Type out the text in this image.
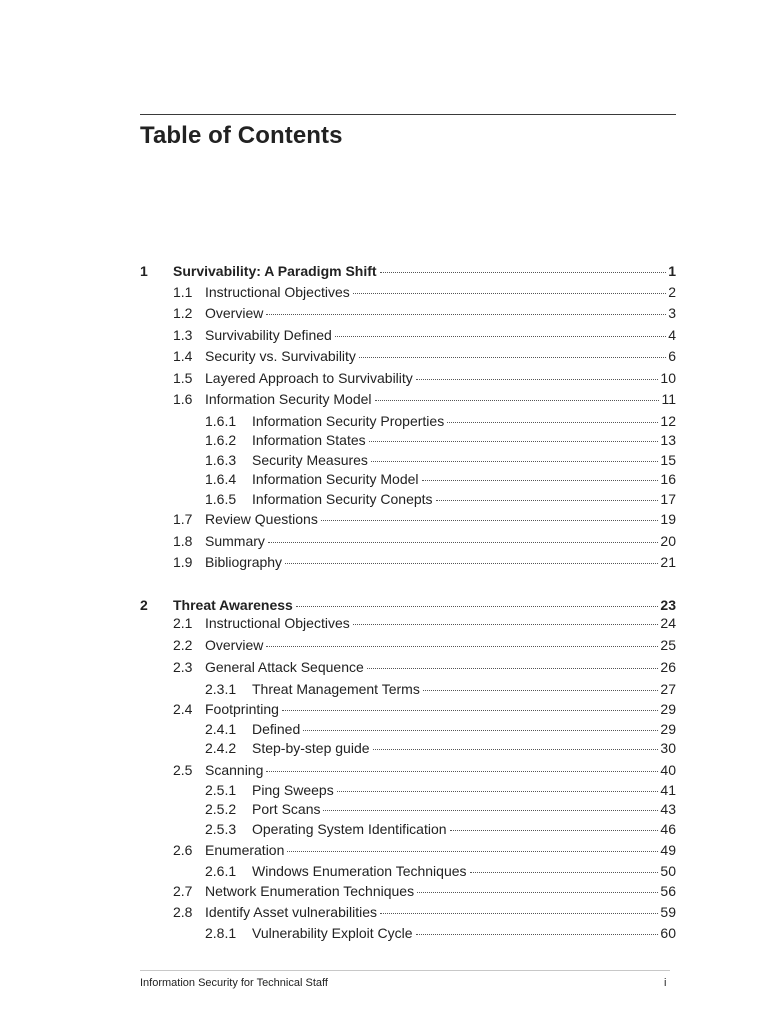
Table of Contents
1	Survivability: A Paradigm Shift	1
1.1 Instructional Objectives	2
1.2 Overview	3
1.3 Survivability Defined	4
1.4 Security vs. Survivability	6
1.5 Layered Approach to Survivability	10
1.6 Information Security Model	11
1.6.1	Information Security Properties	12
1.6.2	Information States	13
1.6.3	Security Measures	15
1.6.4	Information Security Model	16
1.6.5	Information Security Conepts	17
1.7 Review Questions	19
1.8 Summary	20
1.9 Bibliography	21
2	Threat Awareness	23
2.1 Instructional Objectives	24
2.2 Overview	25
2.3 General Attack Sequence	26
2.3.1	Threat Management Terms	27
2.4 Footprinting	29
2.4.1	Defined	29
2.4.2	Step-by-step guide	30
2.5 Scanning	40
2.5.1	Ping Sweeps	41
2.5.2	Port Scans	43
2.5.3	Operating System Identification	46
2.6 Enumeration	49
2.6.1	Windows Enumeration Techniques	50
2.7 Network Enumeration Techniques	56
2.8 Identify Asset vulnerabilities	59
2.8.1	Vulnerability Exploit Cycle	60
Information Security for Technical Staff	i
